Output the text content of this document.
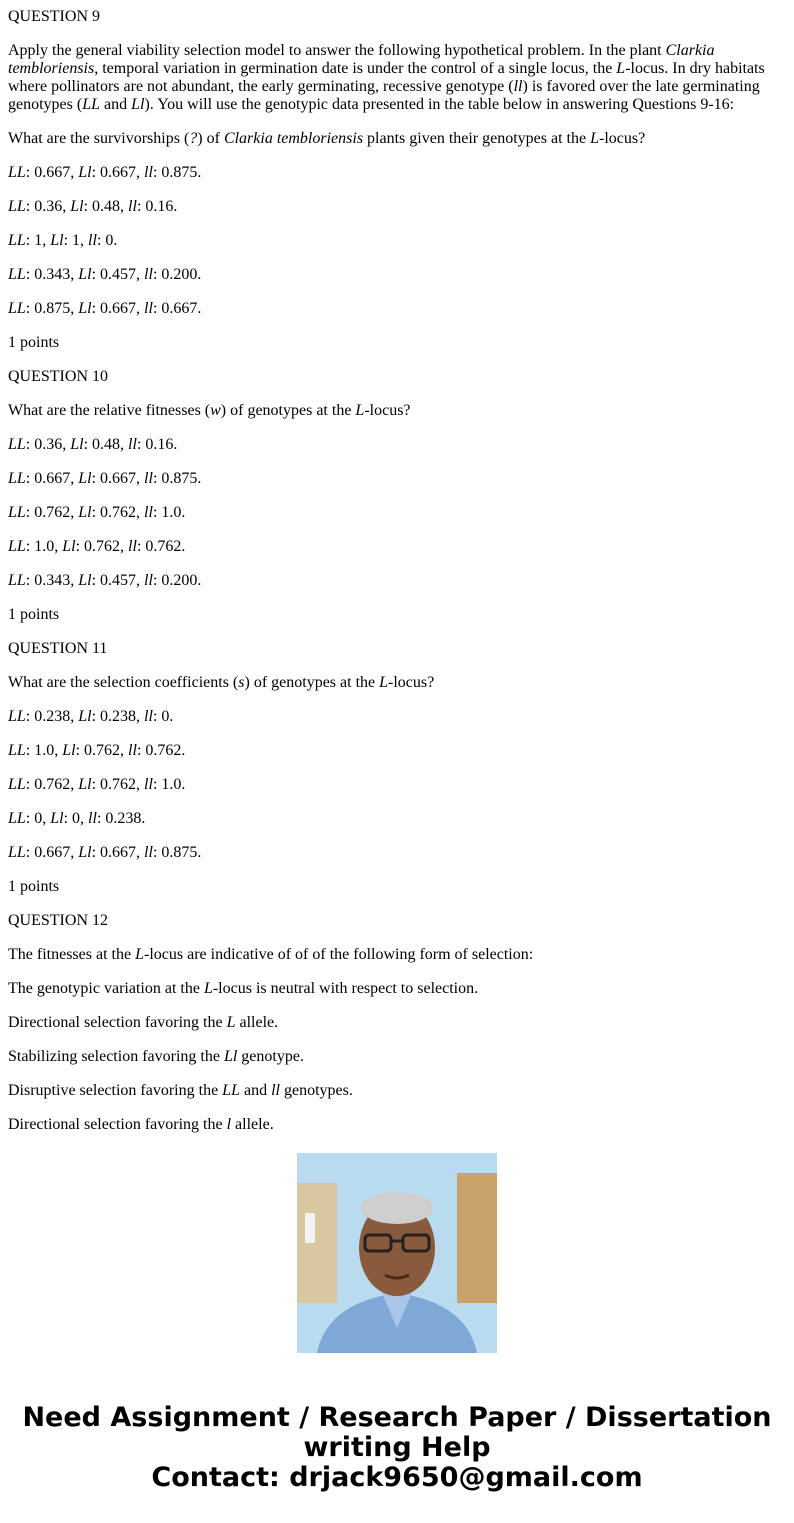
QUESTION 9

Apply the general viability selection model to answer the following hypothetical problem. In the plant Clarkia tembloriensis, temporal variation in germination date is under the control of a single locus, the L-locus. In dry habitats where pollinators are not abundant, the early germinating, recessive genotype (ll) is favored over the late germinating genotypes (LL and Ll). You will use the genotypic data presented in the table below in answering Questions 9-16:

What are the survivorships (?) of Clarkia tembloriensis plants given their genotypes at the L-locus?

LL: 0.667, Ll: 0.667, ll: 0.875.

LL: 0.36, Ll: 0.48, ll: 0.16.

LL: 1, Ll: 1, ll: 0.

LL: 0.343, Ll: 0.457, ll: 0.200.

LL: 0.875, Ll: 0.667, ll: 0.667.

1 points

QUESTION 10

What are the relative fitnesses (w) of genotypes at the L-locus?

LL: 0.36, Ll: 0.48, ll: 0.16.

LL: 0.667, Ll: 0.667, ll: 0.875.

LL: 0.762, Ll: 0.762, ll: 1.0.

LL: 1.0, Ll: 0.762, ll: 0.762.

LL: 0.343, Ll: 0.457, ll: 0.200.

1 points

QUESTION 11

What are the selection coefficients (s) of genotypes at the L-locus?

LL: 0.238, Ll: 0.238, ll: 0.

LL: 1.0, Ll: 0.762, ll: 0.762.

LL: 0.762, Ll: 0.762, ll: 1.0.

LL: 0, Ll: 0, ll: 0.238.

LL: 0.667, Ll: 0.667, ll: 0.875.

1 points

QUESTION 12

The fitnesses at the L-locus are indicative of of of the following form of selection:

The genotypic variation at the L-locus is neutral with respect to selection.

Directional selection favoring the L allele.

Stabilizing selection favoring the Ll genotype.

Disruptive selection favoring the LL and ll genotypes.

Directional selection favoring the l allele.

Need Assignment / Research Paper / Dissertation
writing Help
Contact: drjack9650@gmail.com
